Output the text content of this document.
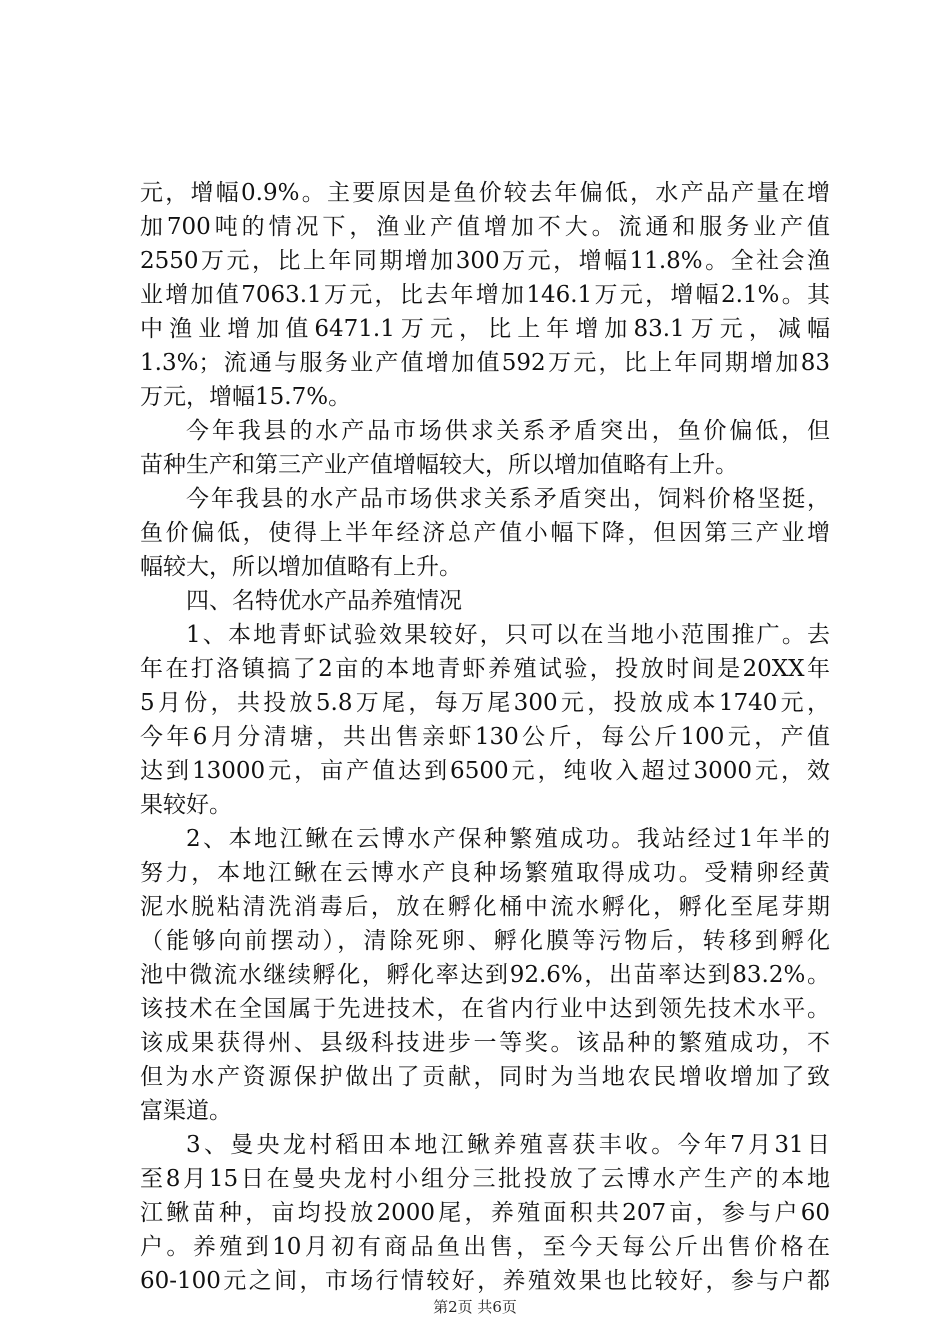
元，增幅0.9%。主要原因是鱼价较去年偏低，水产品产量在增
加700吨的情况下，渔业产值增加不大。流通和服务业产值
2550万元，比上年同期增加300万元，增幅11.8%。全社会渔
业增加值7063.1万元，比去年增加146.1万元，增幅2.1%。其
中渔业增加值6471.1万元，比上年增加83.1万元，减幅
1.3%；流通与服务业产值增加值592万元，比上年同期增加83
万元，增幅15.7%。
今年我县的水产品市场供求关系矛盾突出，鱼价偏低，但
苗种生产和第三产业产值增幅较大，所以增加值略有上升。
今年我县的水产品市场供求关系矛盾突出，饲料价格坚挺，
鱼价偏低，使得上半年经济总产值小幅下降，但因第三产业增
幅较大，所以增加值略有上升。
四、名特优水产品养殖情况
1、本地青虾试验效果较好，只可以在当地小范围推广。去
年在打洛镇搞了2亩的本地青虾养殖试验，投放时间是20XX年
5月份，共投放5.8万尾，每万尾300元，投放成本1740元，
今年6月分清塘，共出售亲虾130公斤，每公斤100元，产值
达到13000元，亩产值达到6500元，纯收入超过3000元，效
果较好。
2、本地江鳅在云博水产保种繁殖成功。我站经过1年半的
努力，本地江鳅在云博水产良种场繁殖取得成功。受精卵经黄
泥水脱粘清洗消毒后，放在孵化桶中流水孵化，孵化至尾芽期
（能够向前摆动），清除死卵、孵化膜等污物后，转移到孵化
池中微流水继续孵化，孵化率达到92.6%，出苗率达到83.2%。
该技术在全国属于先进技术，在省内行业中达到领先技术水平。
该成果获得州、县级科技进步一等奖。该品种的繁殖成功，不
但为水产资源保护做出了贡献，同时为当地农民增收增加了致
富渠道。
3、曼央龙村稻田本地江鳅养殖喜获丰收。今年7月31日
至8月15日在曼央龙村小组分三批投放了云博水产生产的本地
江鳅苗种，亩均投放2000尾，养殖面积共207亩，参与户60
户。养殖到10月初有商品鱼出售，至今天每公斤出售价格在
60-100元之间，市场行情较好，养殖效果也比较好，参与户都
第2页 共6页
